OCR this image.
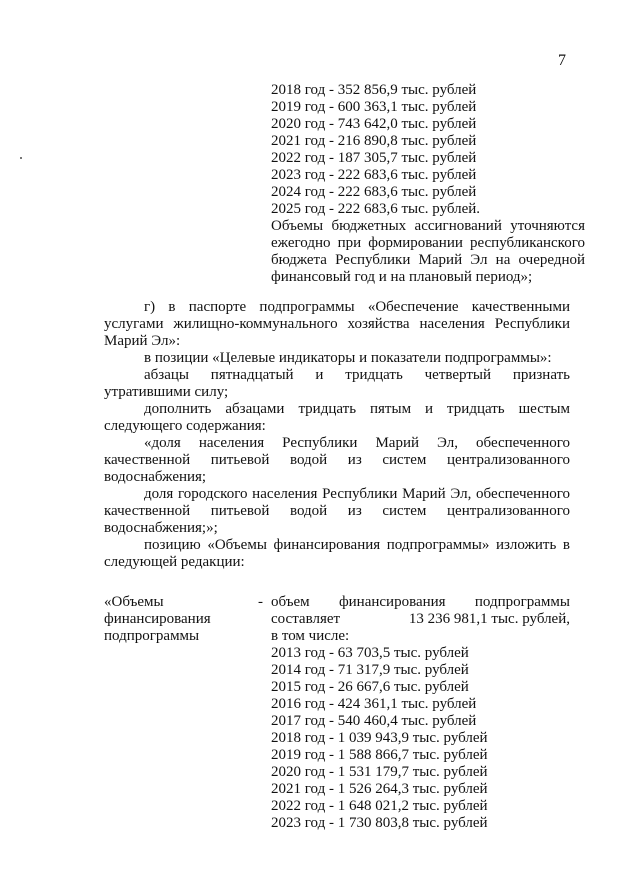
7
2018 год - 352 856,9 тыс. рублей
2019 год - 600 363,1 тыс. рублей
2020 год - 743 642,0 тыс. рублей
2021 год - 216 890,8 тыс. рублей
2022 год - 187 305,7 тыс. рублей
2023 год - 222 683,6 тыс. рублей
2024 год - 222 683,6 тыс. рублей
2025 год - 222 683,6 тыс. рублей.
Объемы бюджетных ассигнований уточняются ежегодно при формировании республиканского бюджета Республики Марий Эл на очередной финансовый год и на плановый период»;

г) в паспорте подпрограммы «Обеспечение качественными услугами жилищно-коммунального хозяйства населения Республики Марий Эл»:

в позиции «Целевые индикаторы и показатели подпрограммы»:

абзацы пятнадцатый и тридцать четвертый признать утратившими силу;

дополнить абзацами тридцать пятым и тридцать шестым следующего содержания:

«доля населения Республики Марий Эл, обеспеченного качественной питьевой водой из систем централизованного водоснабжения;

доля городского населения Республики Марий Эл, обеспеченного качественной питьевой водой из систем централизованного водоснабжения;»;

позицию «Объемы финансирования подпрограммы» изложить в следующей редакции:

«Объемы
финансирования
подпрограммы
- объем финансирования подпрограммы
составляет	13 236 981,1 тыс. рублей,
в том числе:
2013 год - 63 703,5 тыс. рублей
2014 год - 71 317,9 тыс. рублей
2015 год - 26 667,6 тыс. рублей
2016 год - 424 361,1 тыс. рублей
2017 год - 540 460,4 тыс. рублей
2018 год - 1 039 943,9 тыс. рублей
2019 год - 1 588 866,7 тыс. рублей
2020 год - 1 531 179,7 тыс. рублей
2021 год - 1 526 264,3 тыс. рублей
2022 год - 1 648 021,2 тыс. рублей
2023 год - 1 730 803,8 тыс. рублей
